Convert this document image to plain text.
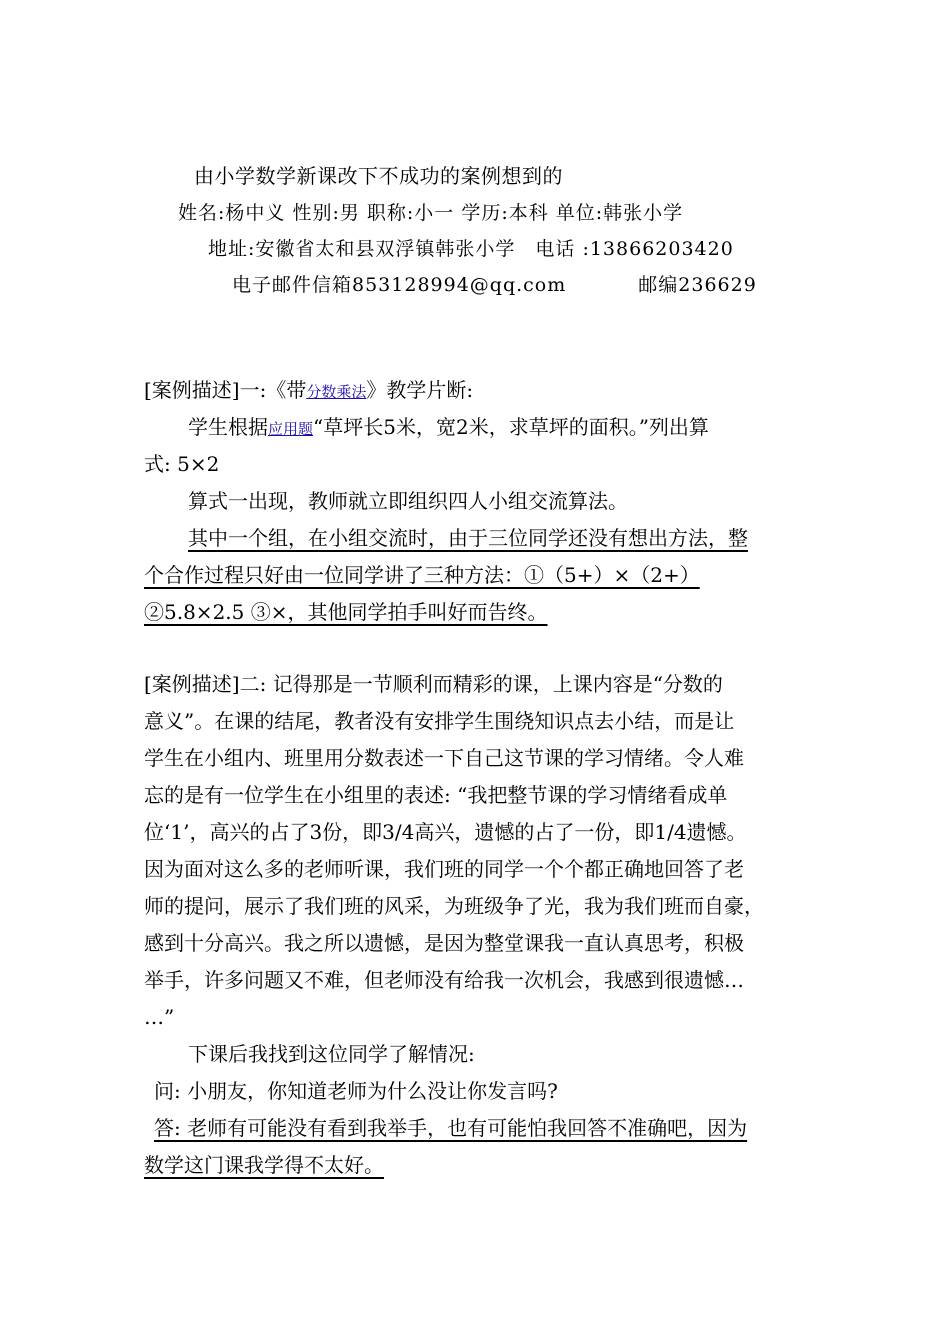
由小学数学新课改下不成功的案例想到的
姓名:杨中义 性别:男 职称:小一 学历:本科 单位:韩张小学
地址:安徽省太和县双浮镇韩张小学 电话 :13866203420
电子邮件信箱853128994@qq.com	邮编236629
[案例描述]一:《带分数乘法》教学片断:
学生根据应用题“草坪长5米，宽2米，求草坪的面积。”列出算
式: 5×2
算式一出现，教师就立即组织四人小组交流算法。
其中一个组，在小组交流时，由于三位同学还没有想出方法，整
个合作过程只好由一位同学讲了三种方法：①（5+）×（2+）
②5.8×2.5 ③×，其他同学拍手叫好而告终。
[案例描述]二: 记得那是一节顺利而精彩的课，上课内容是“分数的
意义”。在课的结尾，教者没有安排学生围绕知识点去小结，而是让
学生在小组内、班里用分数表述一下自己这节课的学习情绪。令人难
忘的是有一位学生在小组里的表述: “我把整节课的学习情绪看成单
位‘1’，高兴的占了3份，即3/4高兴，遗憾的占了一份，即1/4遗憾。
因为面对这么多的老师听课，我们班的同学一个个都正确地回答了老
师的提问，展示了我们班的风采，为班级争了光，我为我们班而自豪，
感到十分高兴。我之所以遗憾，是因为整堂课我一直认真思考，积极
举手，许多问题又不难，但老师没有给我一次机会，我感到很遗憾…
…”
下课后我找到这位同学了解情况:
问: 小朋友，你知道老师为什么没让你发言吗?
答: 老师有可能没有看到我举手，也有可能怕我回答不准确吧，因为
数学这门课我学得不太好。
